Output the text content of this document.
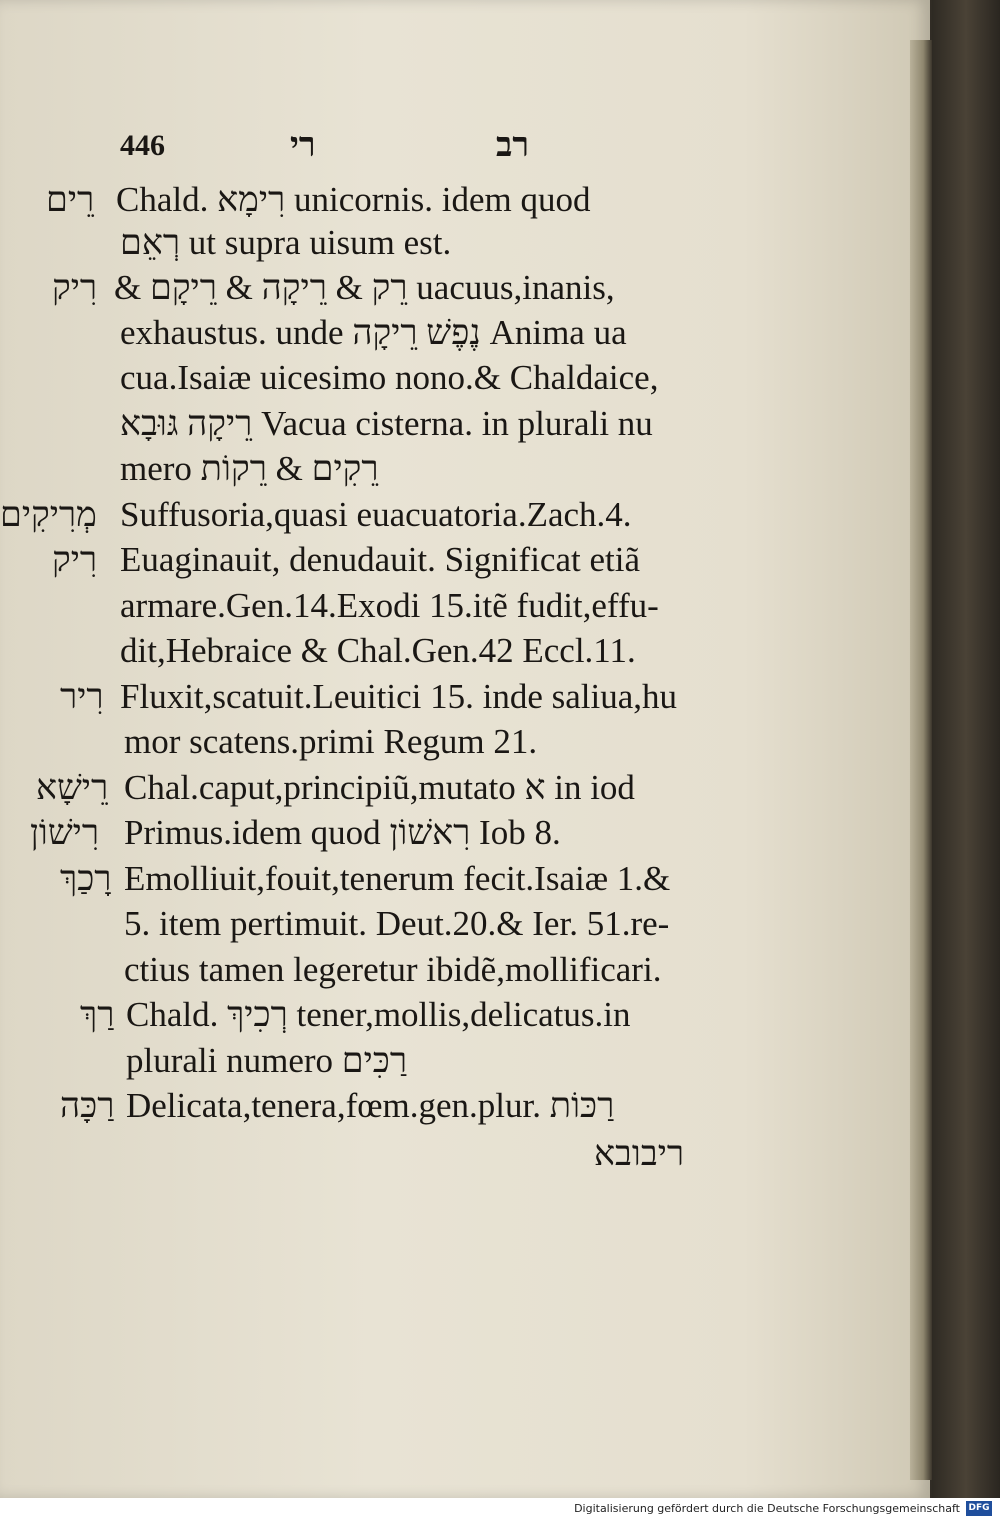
446	רי	רב
רֵים Chald. רִימָא unicornis. idem quod
רְאֵם ut supra uisum est.
רִיק & רֵק & רֵיקָה & רֵיקָם uacuus,inanis,
exhaustus. unde נֶפֶשׁ רֵיקָה Anima ua
cua.Isaiæ uicesimo nono.& Chaldaice,
רֵיקָה גּוּבָא Vacua cisterna. in plurali nu
mero רֵקִים & רֵקוֹת
מְרִיקִים Suffusoria,quasi euacuatoria.Zach.4.
רִיק Euaginauit, denudauit. Significat etiã
armare.Gen.14.Exodi 15.itẽ fudit,effu-
dit,Hebraice & Chal.Gen.42 Eccl.11.
רִיר Fluxit,scatuit.Leuitici 15. inde saliua,hu
mor scatens.primi Regum 21.
רֵישָׁא Chal.caput,principiũ,mutato א in iod
רִישׁוֹן Primus.idem quod רִאשׁוֹן Iob 8.
רָכַךְ Emolliuit,fouit,tenerum fecit.Isaiæ 1.&
5. item pertimuit. Deut.20.& Ier. 51.re-
ctius tamen legeretur ibidẽ,mollificari.
רַךְ Chald. רְכִיךְ tener,mollis,delicatus.in
plurali numero רַכִּים
רַכָּה Delicata,tenera,fœm.gen.plur. רַכּוֹת
ריבובא
Digitalisierung gefördert durch die Deutsche Forschungsgemeinschaft DFG
